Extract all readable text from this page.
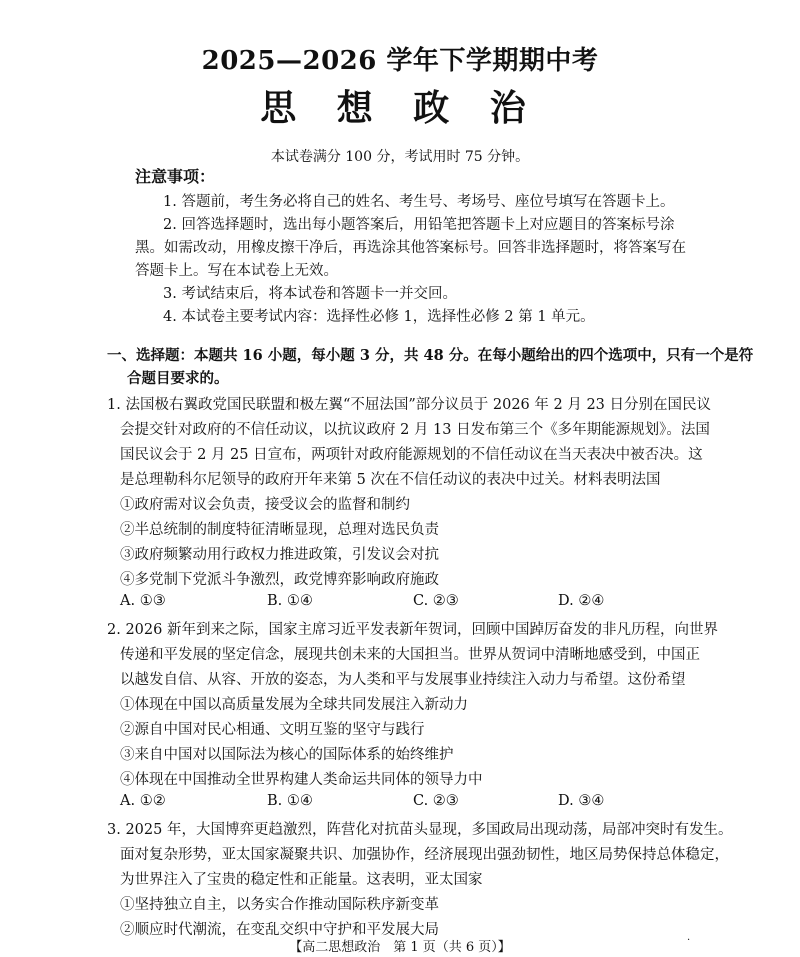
2025—2026 学年下学期期中考
思 想 政 治
本试卷满分 100 分，考试用时 75 分钟。
注意事项：
1. 答题前，考生务必将自己的姓名、考生号、考场号、座位号填写在答题卡上。
2. 回答选择题时，选出每小题答案后，用铅笔把答题卡上对应题目的答案标号涂
黑。如需改动，用橡皮擦干净后，再选涂其他答案标号。回答非选择题时，将答案写在
答题卡上。写在本试卷上无效。
3. 考试结束后，将本试卷和答题卡一并交回。
4. 本试卷主要考试内容：选择性必修 1，选择性必修 2 第 1 单元。
一、选择题：本题共 16 小题，每小题 3 分，共 48 分。在每小题给出的四个选项中，只有一个是符
合题目要求的。
1. 法国极右翼政党国民联盟和极左翼“不屈法国”部分议员于 2026 年 2 月 23 日分别在国民议
会提交针对政府的不信任动议，以抗议政府 2 月 13 日发布第三个《多年期能源规划》。法国
国民议会于 2 月 25 日宣布，两项针对政府能源规划的不信任动议在当天表决中被否决。这
是总理勒科尔尼领导的政府开年来第 5 次在不信任动议的表决中过关。材料表明法国
①政府需对议会负责，接受议会的监督和制约
②半总统制的制度特征清晰显现，总理对选民负责
③政府频繁动用行政权力推进政策，引发议会对抗
④多党制下党派斗争激烈，政党博弈影响政府施政
A. ①③	B. ①④	C. ②③	D. ②④
2. 2026 新年到来之际，国家主席习近平发表新年贺词，回顾中国踔厉奋发的非凡历程，向世界
传递和平发展的坚定信念，展现共创未来的大国担当。世界从贺词中清晰地感受到，中国正
以越发自信、从容、开放的姿态，为人类和平与发展事业持续注入动力与希望。这份希望
①体现在中国以高质量发展为全球共同发展注入新动力
②源自中国对民心相通、文明互鉴的坚守与践行
③来自中国对以国际法为核心的国际体系的始终维护
④体现在中国推动全世界构建人类命运共同体的领导力中
A. ①②	B. ①④	C. ②③	D. ③④
3. 2025 年，大国博弈更趋激烈，阵营化对抗苗头显现，多国政局出现动荡，局部冲突时有发生。
面对复杂形势，亚太国家凝聚共识、加强协作，经济展现出强劲韧性，地区局势保持总体稳定，
为世界注入了宝贵的稳定性和正能量。这表明，亚太国家
①坚持独立自主，以务实合作推动国际秩序新变革
②顺应时代潮流，在变乱交织中守护和平发展大局
【高二思想政治　第 1 页（共 6 页）】
.
